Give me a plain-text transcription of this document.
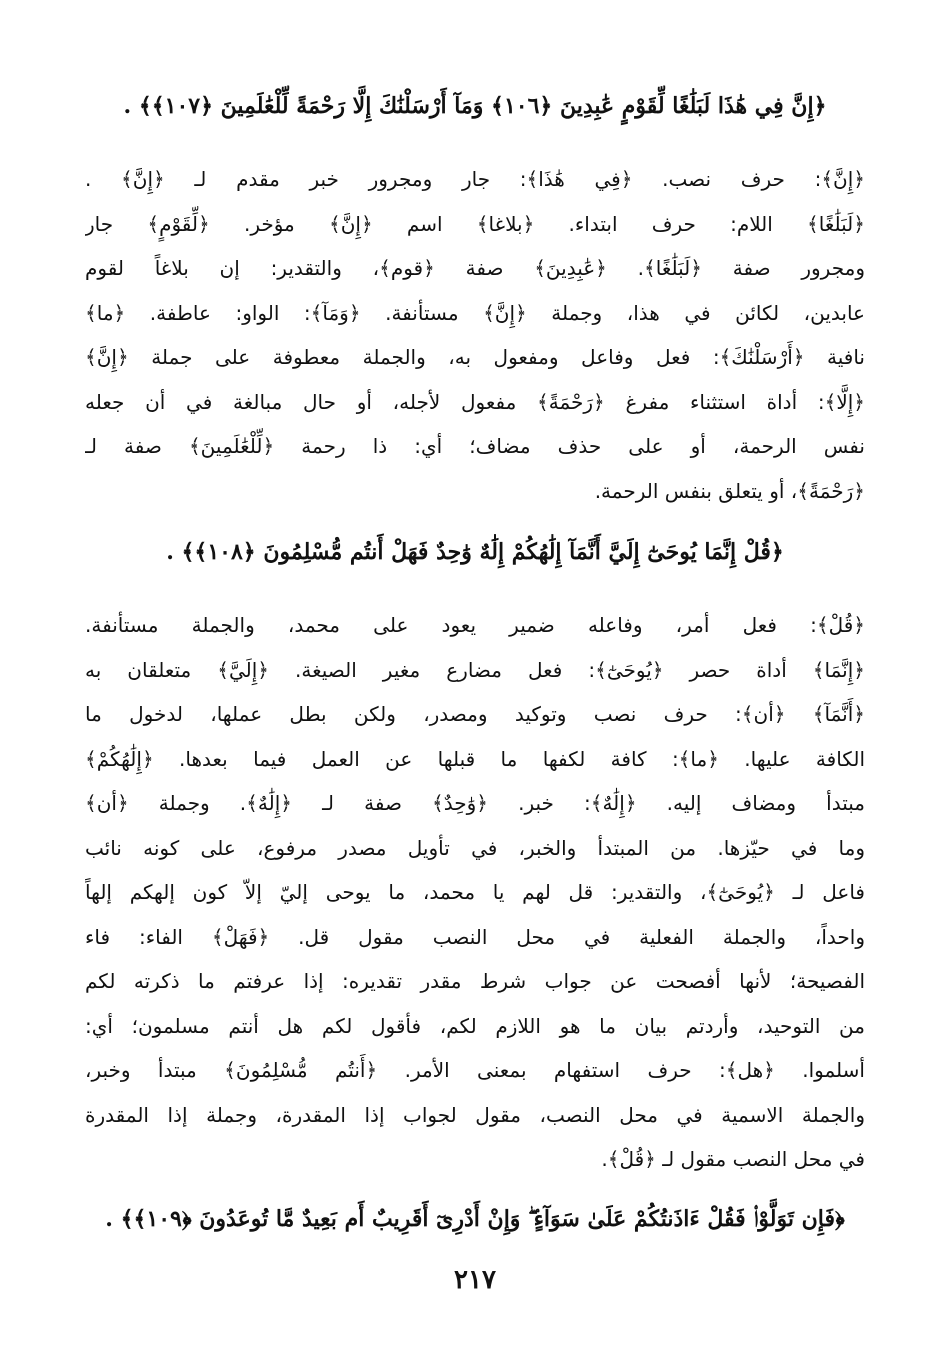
﴿إِنَّ فِي هَٰذَا لَبَلَٰغًا لِّقَوْمٍ عَٰبِدِينَ ﴿١٠٦﴾ وَمَآ أَرْسَلْنَٰكَ إِلَّا رَحْمَةً لِّلْعَٰلَمِينَ ﴿١٠٧﴾﴾ .
﴿إِنَّ﴾: حرف نصب. ﴿فِي هَٰذَا﴾: جار ومجرور خبر مقدم لـ ﴿إِنَّ﴾ .
﴿لَبَلَٰغًا﴾ اللام: حرف ابتداء. ﴿بلاغا﴾ اسم ﴿إِنَّ﴾ مؤخر. ﴿لِّقَوْمٍ﴾ جار
ومجرور صفة ﴿لَبَلَٰغًا﴾. ﴿عَٰبِدِينَ﴾ صفة ﴿قوم﴾، والتقدير: إن بلاغاً لقوم
عابدين، لكائن في هذا، وجملة ﴿إِنَّ﴾ مستأنفة. ﴿وَمَآ﴾: الواو: عاطفة. ﴿ما﴾
نافية ﴿أَرْسَلْنَٰكَ﴾: فعل وفاعل ومفعول به، والجملة معطوفة على جملة ﴿إِنَّ﴾
﴿إِلَّا﴾: أداة استثناء مفرغ ﴿رَحْمَةً﴾ مفعول لأجله، أو حال مبالغة في أن جعله
نفس الرحمة، أو على حذف مضاف؛ أي: ذا رحمة ﴿لِّلْعَٰلَمِينَ﴾ صفة لـ
﴿رَحْمَةً﴾، أو يتعلق بنفس الرحمة.
﴿قُلْ إِنَّمَا يُوحَىٰٓ إِلَيَّ أَنَّمَآ إِلَٰهُكُمْ إِلَٰهٌ وَٰحِدٌ فَهَلْ أَنتُم مُّسْلِمُونَ ﴿١٠٨﴾﴾ .
﴿قُلْ﴾: فعل أمر، وفاعله ضمير يعود على محمد، والجملة مستأنفة.
﴿إِنَّمَا﴾ أداة حصر ﴿يُوحَىٰٓ﴾: فعل مضارع مغير الصيغة. ﴿إِلَيَّ﴾ متعلقان به
﴿أَنَّمَآ﴾ ﴿أن﴾: حرف نصب وتوكيد ومصدر، ولكن بطل عملها، لدخول ما
الكافة عليها. ﴿ما﴾: كافة لكفها ما قبلها عن العمل فيما بعدها. ﴿إِلَٰهُكُمْ﴾
مبتدأ ومضاف إليه. ﴿إِلَٰهٌ﴾: خبر. ﴿وَٰحِدٌ﴾ صفة لـ ﴿إِلَٰهٌ﴾. وجملة ﴿أن﴾
وما في حيّزها. من المبتدأ والخبر، في تأويل مصدر مرفوع، على كونه نائب
فاعل لـ ﴿يُوحَىٰٓ﴾، والتقدير: قل لهم يا محمد، ما يوحى إليّ إلاّ كون إلهكم إلهاً
واحداً، والجملة الفعلية في محل النصب مقول قل. ﴿فَهَلْ﴾ الفاء: فاء
الفصيحة؛ لأنها أفصحت عن جواب شرط مقدر تقديره: إذا عرفتم ما ذكرته لكم
من التوحيد، وأردتم بيان ما هو اللازم لكم، فأقول لكم هل أنتم مسلمون؛ أي:
أسلموا. ﴿هل﴾: حرف استفهام بمعنى الأمر. ﴿أَنتُم مُّسْلِمُونَ﴾ مبتدأ وخبر،
والجملة الاسمية في محل النصب، مقول لجواب إذا المقدرة، وجملة إذا المقدرة
في محل النصب مقول لـ ﴿قُلْ﴾.
﴿فَإِن تَوَلَّوْا۟ فَقُلْ ءَاذَنتُكُمْ عَلَىٰ سَوَآءٍ ۖ وَإِنْ أَدْرِىٓ أَقَرِيبٌ أَم بَعِيدٌ مَّا تُوعَدُونَ ﴿١٠٩﴾﴾ .
٢١٧
